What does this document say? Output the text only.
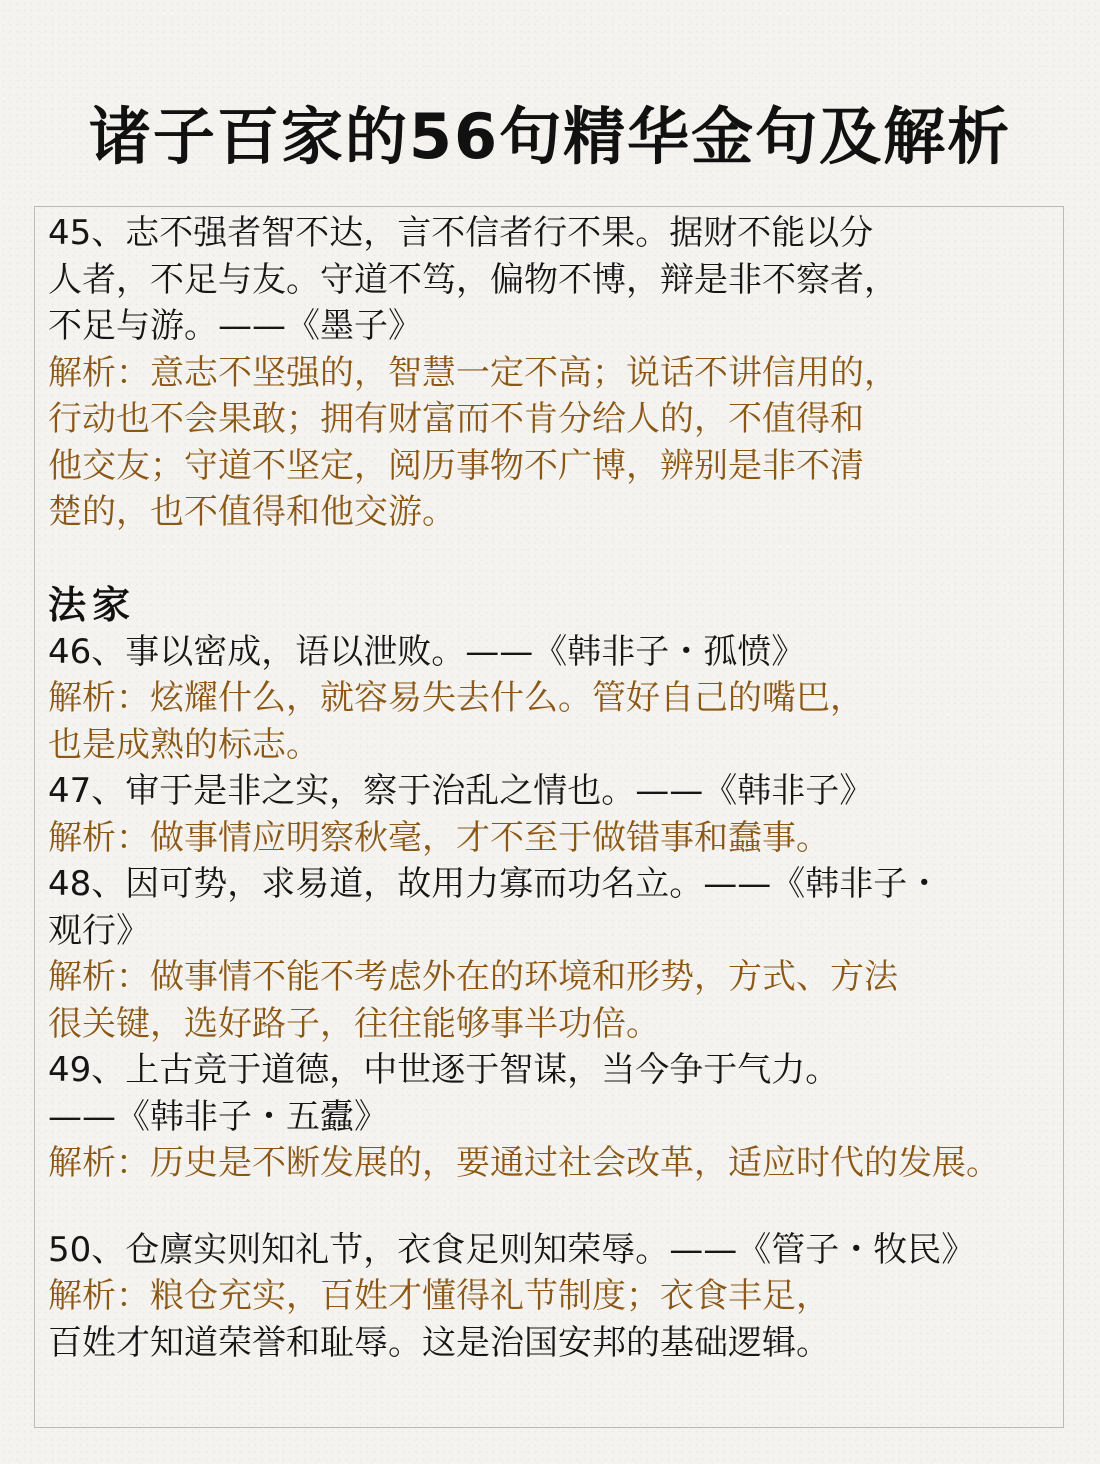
诸子百家的56句精华金句及解析
45、志不强者智不达，言不信者行不果。据财不能以分
人者，不足与友。守道不笃，偏物不博，辩是非不察者，
不足与游。——《墨子》
解析：意志不坚强的，智慧一定不高；说话不讲信用的，
行动也不会果敢；拥有财富而不肯分给人的，不值得和
他交友；守道不坚定，阅历事物不广博，辨别是非不清
楚的，也不值得和他交游。
法家
46、事以密成，语以泄败。——《韩非子・孤愤》
解析：炫耀什么，就容易失去什么。管好自己的嘴巴，
也是成熟的标志。
47、审于是非之实，察于治乱之情也。——《韩非子》
解析：做事情应明察秋毫，才不至于做错事和蠢事。
48、因可势，求易道，故用力寡而功名立。——《韩非子・
观行》
解析：做事情不能不考虑外在的环境和形势，方式、方法
很关键，选好路子，往往能够事半功倍。
49、上古竞于道德，中世逐于智谋，当今争于气力。
——《韩非子・五蠹》
解析：历史是不断发展的，要通过社会改革，适应时代的发展。
50、仓廪实则知礼节，衣食足则知荣辱。——《管子・牧民》
解析：粮仓充实，百姓才懂得礼节制度；衣食丰足，
百姓才知道荣誉和耻辱。这是治国安邦的基础逻辑。
